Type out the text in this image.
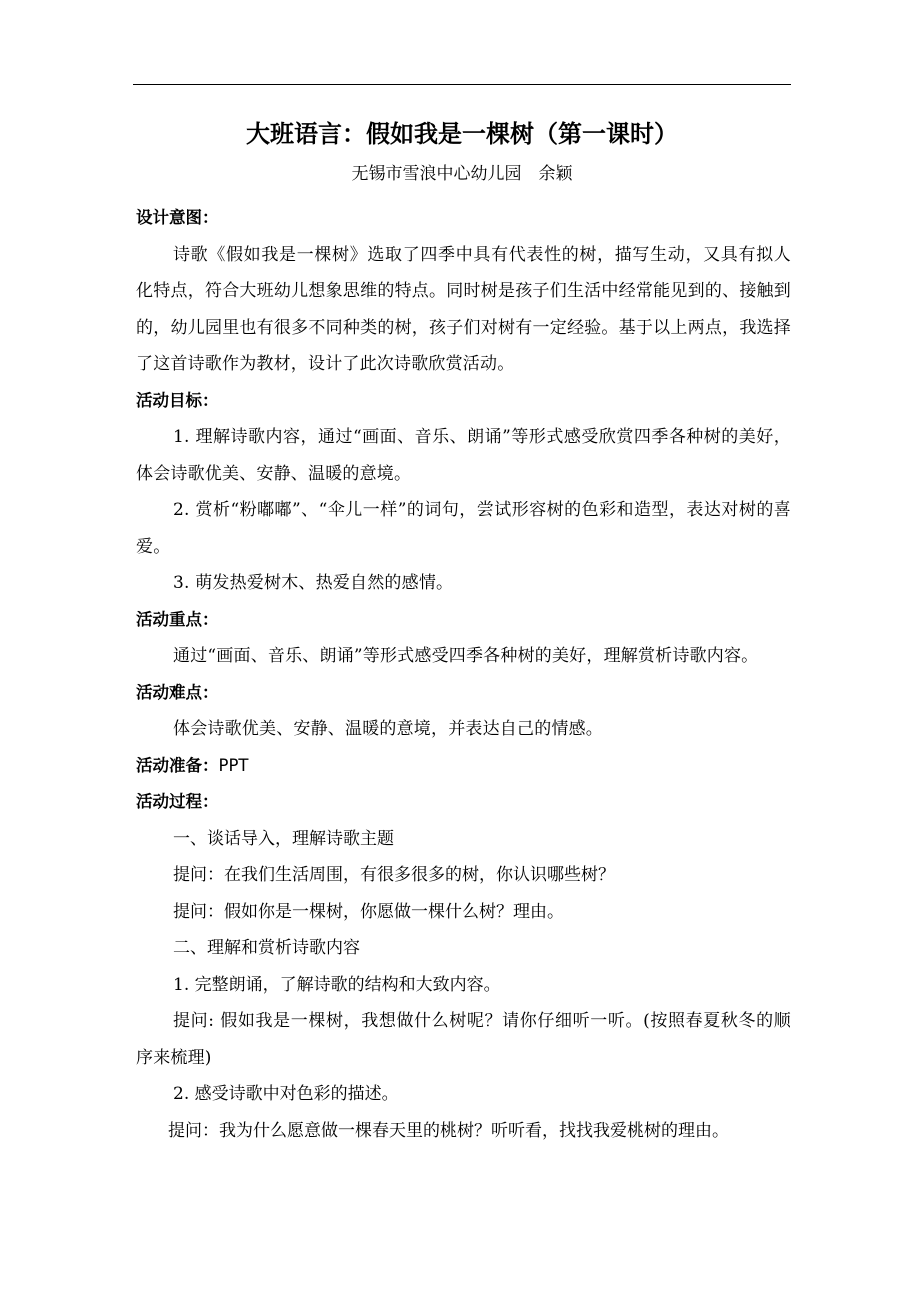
大班语言：假如我是一棵树（第一课时）
无锡市雪浪中心幼儿园　余颖

设计意图：

诗歌《假如我是一棵树》选取了四季中具有代表性的树，描写生动，又具有拟人化特点，符合大班幼儿想象思维的特点。同时树是孩子们生活中经常能见到的、接触到的，幼儿园里也有很多不同种类的树，孩子们对树有一定经验。基于以上两点，我选择了这首诗歌作为教材，设计了此次诗歌欣赏活动。

活动目标：

1. 理解诗歌内容，通过“画面、音乐、朗诵”等形式感受欣赏四季各种树的美好，体会诗歌优美、安静、温暖的意境。

2. 赏析“粉嘟嘟”、“伞儿一样”的词句，尝试形容树的色彩和造型，表达对树的喜爱。

3. 萌发热爱树木、热爱自然的感情。

活动重点：

通过“画面、音乐、朗诵”等形式感受四季各种树的美好，理解赏析诗歌内容。

活动难点：

体会诗歌优美、安静、温暖的意境，并表达自己的情感。

活动准备：PPT

活动过程：

一、谈话导入，理解诗歌主题

提问：在我们生活周围，有很多很多的树，你认识哪些树？

提问：假如你是一棵树，你愿做一棵什么树？理由。

二、理解和赏析诗歌内容

1. 完整朗诵，了解诗歌的结构和大致内容。

提问: 假如我是一棵树，我想做什么树呢？请你仔细听一听。(按照春夏秋冬的顺序来梳理)

2. 感受诗歌中对色彩的描述。

提问：我为什么愿意做一棵春天里的桃树？听听看，找找我爱桃树的理由。
